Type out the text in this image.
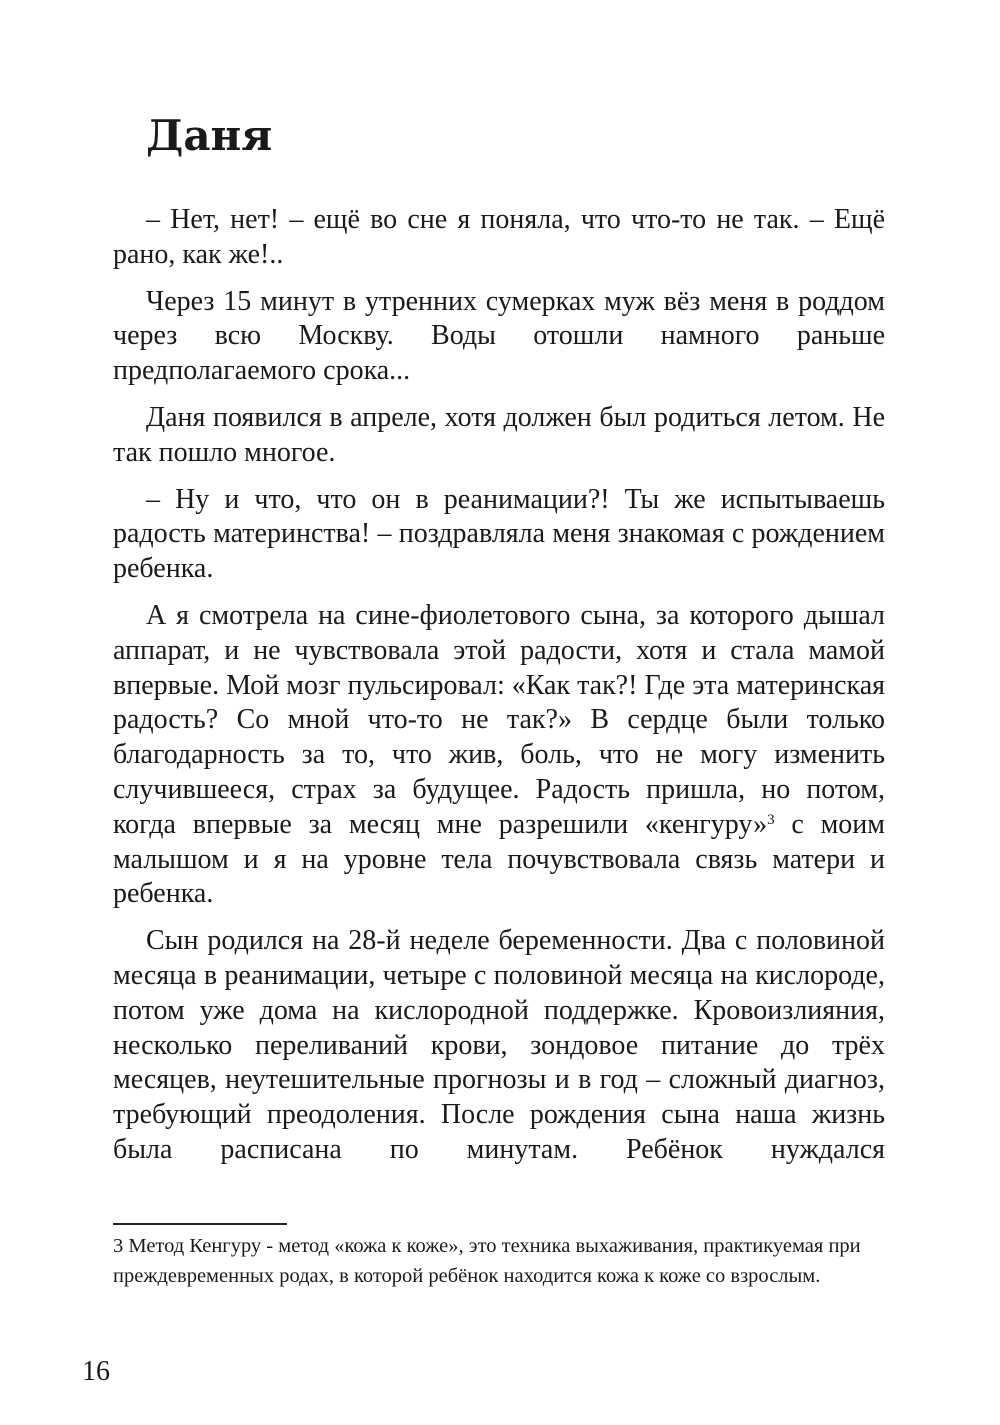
Даня

– Нет, нет! – ещё во сне я поняла, что что-то не так. – Ещё рано, как же!..

Через 15 минут в утренних сумерках муж вёз меня в роддом через всю Москву. Воды отошли намного раньше предполагаемого срока...

Даня появился в апреле, хотя должен был родиться летом. Не так пошло многое.

– Ну и что, что он в реанимации?! Ты же испытываешь радость материнства! – поздравляла меня знакомая с рождением ребенка.

А я смотрела на сине-фиолетового сына, за которого дышал аппарат, и не чувствовала этой радости, хотя и стала мамой впервые. Мой мозг пульсировал: «Как так?! Где эта материнская радость? Со мной что-то не так?» В сердце были только благодарность за то, что жив, боль, что не могу изменить случившееся, страх за будущее. Радость пришла, но потом, когда впервые за месяц мне разрешили «кенгуру»$^3$ с моим малышом и я на уровне тела почувствовала связь матери и ребенка.

Сын родился на 28-й неделе беременности. Два с половиной месяца в реанимации, четыре с половиной месяца на кислороде, потом уже дома на кислородной поддержке. Кровоизлияния, несколько переливаний крови, зондовое питание до трёх месяцев, неутешительные прогнозы и в год – сложный диагноз, требующий преодоления. После рождения сына наша жизнь была расписана по минутам. Ребёнок нуждался

3 Метод Кенгуру - метод «кожа к коже», это техника выхаживания, практикуемая при преждевременных родах, в которой ребёнок находится кожа к коже со взрослым.

16
